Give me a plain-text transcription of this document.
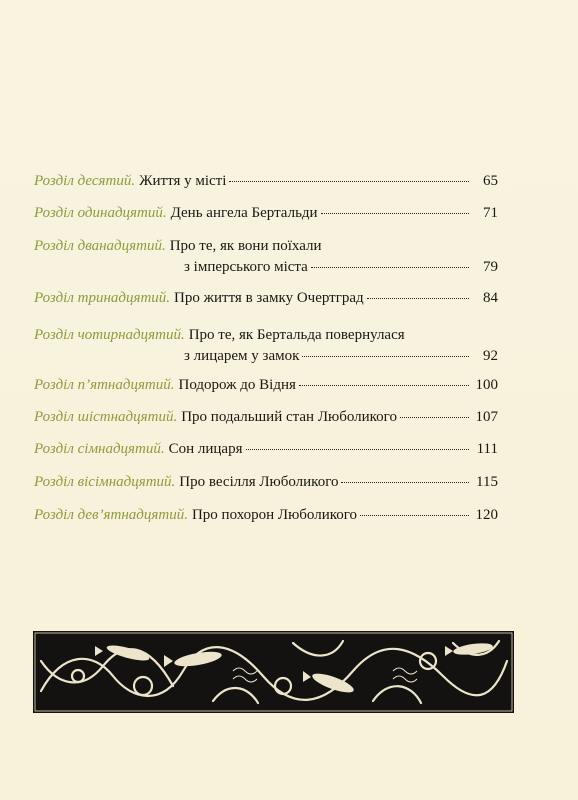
Розділ десятий. Життя у місті	65
Розділ одинадцятий. День ангела Бертальди	71
Розділ дванадцятий. Про те, як вони поїхали
з імперського міста	79
Розділ тринадцятий. Про життя в замку Очертград	84
Розділ чотирнадцятий. Про те, як Бертальда повернулася
з лицарем у замок	92
Розділ п’ятнадцятий. Подорож до Відня	100
Розділ шістнадцятий. Про подальший стан Люболикого	107
Розділ сімнадцятий. Сон лицаря	111
Розділ вісімнадцятий. Про весілля Люболикого	115
Розділ дев’ятнадцятий. Про похорон Люболикого	120
